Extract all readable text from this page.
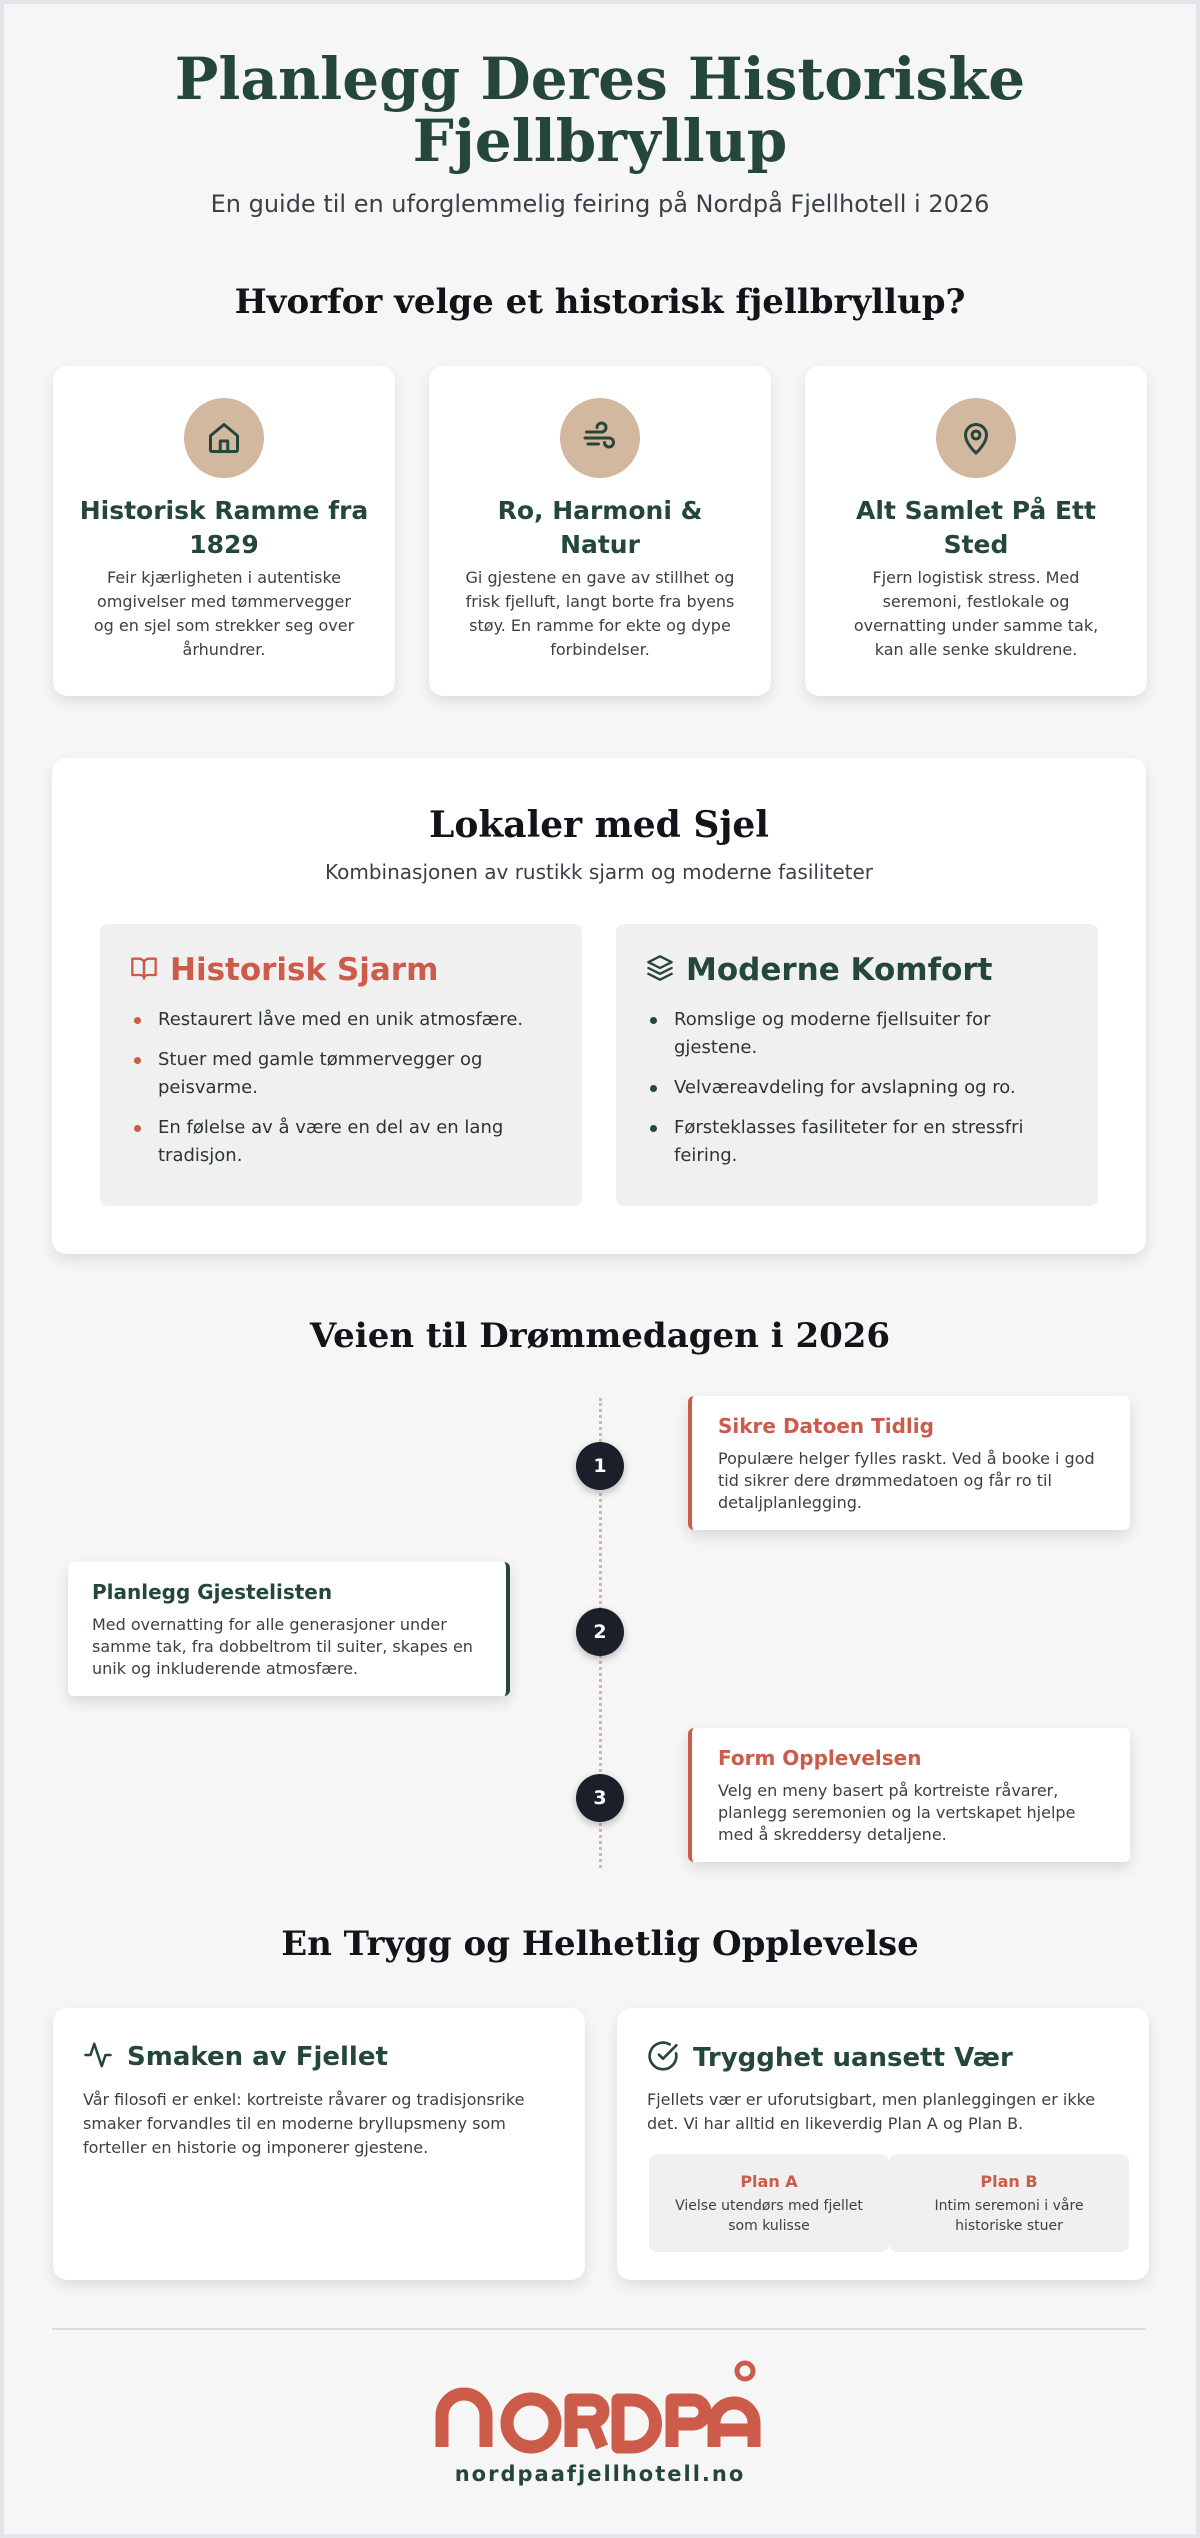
Planlegg Deres Historiske
Fjellbryllup
En guide til en uforglemmelig feiring på Nordpå Fjellhotell i 2026
Hvorfor velge et historisk fjellbryllup?
Historisk Ramme fra
1829
Feir kjærligheten i autentiske omgivelser med tømmervegger og en sjel som strekker seg over århundrer.
Ro, Harmoni &
Natur
Gi gjestene en gave av stillhet og frisk fjelluft, langt borte fra byens støy. En ramme for ekte og dype forbindelser.
Alt Samlet På Ett
Sted
Fjern logistisk stress. Med seremoni, festlokale og overnatting under samme tak, kan alle senke skuldrene.
Lokaler med Sjel
Kombinasjonen av rustikk sjarm og moderne fasiliteter
Historisk Sjarm
Restaurert låve med en unik atmosfære.
Stuer med gamle tømmervegger og peisvarme.
En følelse av å være en del av en lang tradisjon.
Moderne Komfort
Romslige og moderne fjellsuiter for gjestene.
Velværeavdeling for avslapning og ro.
Førsteklasses fasiliteter for en stressfri feiring.
Veien til Drømmedagen i 2026
1
Sikre Datoen Tidlig
Populære helger fylles raskt. Ved å booke i god tid sikrer dere drømmedatoen og får ro til detaljplanlegging.
2
Planlegg Gjestelisten
Med overnatting for alle generasjoner under samme tak, fra dobbeltrom til suiter, skapes en unik og inkluderende atmosfære.
3
Form Opplevelsen
Velg en meny basert på kortreiste råvarer, planlegg seremonien og la vertskapet hjelpe med å skreddersy detaljene.
En Trygg og Helhetlig Opplevelse
Smaken av Fjellet
Vår filosofi er enkel: kortreiste råvarer og tradisjonsrike smaker forvandles til en moderne bryllupsmeny som forteller en historie og imponerer gjestene.
Trygghet uansett Vær
Fjellets vær er uforutsigbart, men planleggingen er ikke det. Vi har alltid en likeverdig Plan A og Plan B.
Plan A
Vielse utendørs med fjellet som kulisse
Plan B
Intim seremoni i våre historiske stuer
nordpaafjellhotell.no
